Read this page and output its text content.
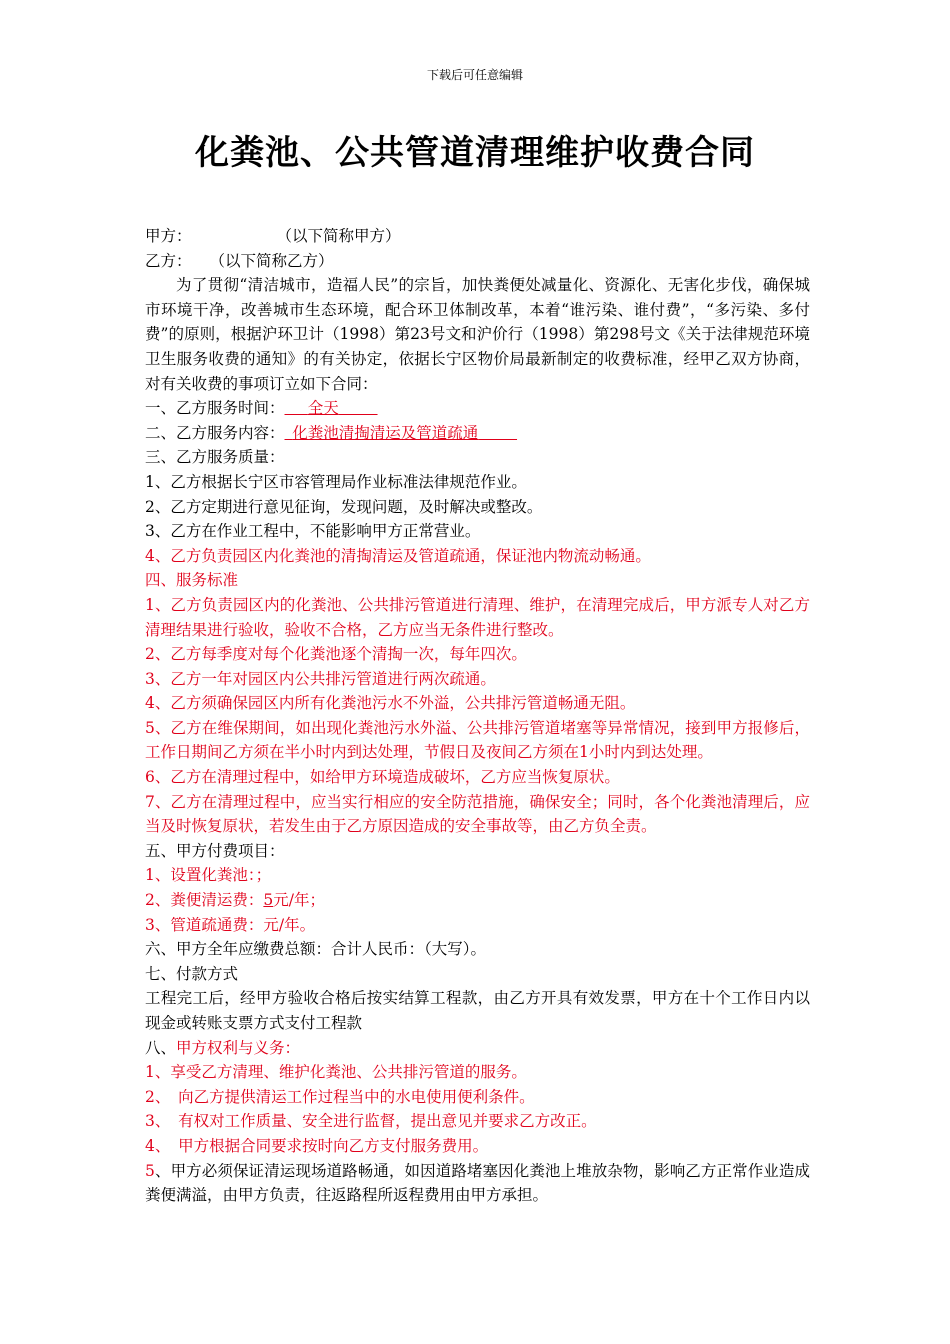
下载后可任意编辑
化粪池、公共管道清理维护收费合同
甲方：	（以下简称甲方）
乙方： （以下简称乙方）
为了贯彻“清洁城市，造福人民”的宗旨，加快粪便处减量化、资源化、无害化步伐，确保城市环境干净，改善城市生态环境，配合环卫体制改革，本着“谁污染、谁付费”，“多污染、多付费”的原则，根据沪环卫计（1998）第23号文和沪价行（1998）第298号文《关于法律规范环境卫生服务收费的通知》的有关协定，依据长宁区物价局最新制定的收费标准，经甲乙双方协商，对有关收费的事项订立如下合同：
一、乙方服务时间：   全天   
二、乙方服务内容：  化粪池清掏清运及管道疏通   
三、乙方服务质量：
1、乙方根据长宁区市容管理局作业标准法律规范作业。
2、乙方定期进行意见征询，发现问题，及时解决或整改。
3、乙方在作业工程中，不能影响甲方正常营业。
4、乙方负责园区内化粪池的清掏清运及管道疏通，保证池内物流动畅通。
四、服务标准
1、乙方负责园区内的化粪池、公共排污管道进行清理、维护，在清理完成后，甲方派专人对乙方清理结果进行验收，验收不合格，乙方应当无条件进行整改。
2、乙方每季度对每个化粪池逐个清掏一次，每年四次。
3、乙方一年对园区内公共排污管道进行两次疏通。
4、乙方须确保园区内所有化粪池污水不外溢，公共排污管道畅通无阻。
5、乙方在维保期间，如出现化粪池污水外溢、公共排污管道堵塞等异常情况，接到甲方报修后，工作日期间乙方须在半小时内到达处理，节假日及夜间乙方须在1小时内到达处理。
6、乙方在清理过程中，如给甲方环境造成破坏，乙方应当恢复原状。
7、乙方在清理过程中，应当实行相应的安全防范措施，确保安全；同时，各个化粪池清理后，应当及时恢复原状，若发生由于乙方原因造成的安全事故等，由乙方负全责。
五、甲方付费项目：
1、设置化粪池：；
2、粪便清运费：5元/年；
3、管道疏通费：元/年。
六、甲方全年应缴费总额：合计人民币：（大写）。
七、付款方式
工程完工后，经甲方验收合格后按实结算工程款，由乙方开具有效发票，甲方在十个工作日内以现金或转账支票方式支付工程款
八、甲方权利与义务：
1、享受乙方清理、维护化粪池、公共排污管道的服务。
2、　向乙方提供清运工作过程当中的水电使用便利条件。
3、　有权对工作质量、安全进行监督，提出意见并要求乙方改正。
4、　甲方根据合同要求按时向乙方支付服务费用。
5、甲方必须保证清运现场道路畅通，如因道路堵塞因化粪池上堆放杂物，影响乙方正常作业造成粪便满溢，由甲方负责，往返路程所返程费用由甲方承担。
